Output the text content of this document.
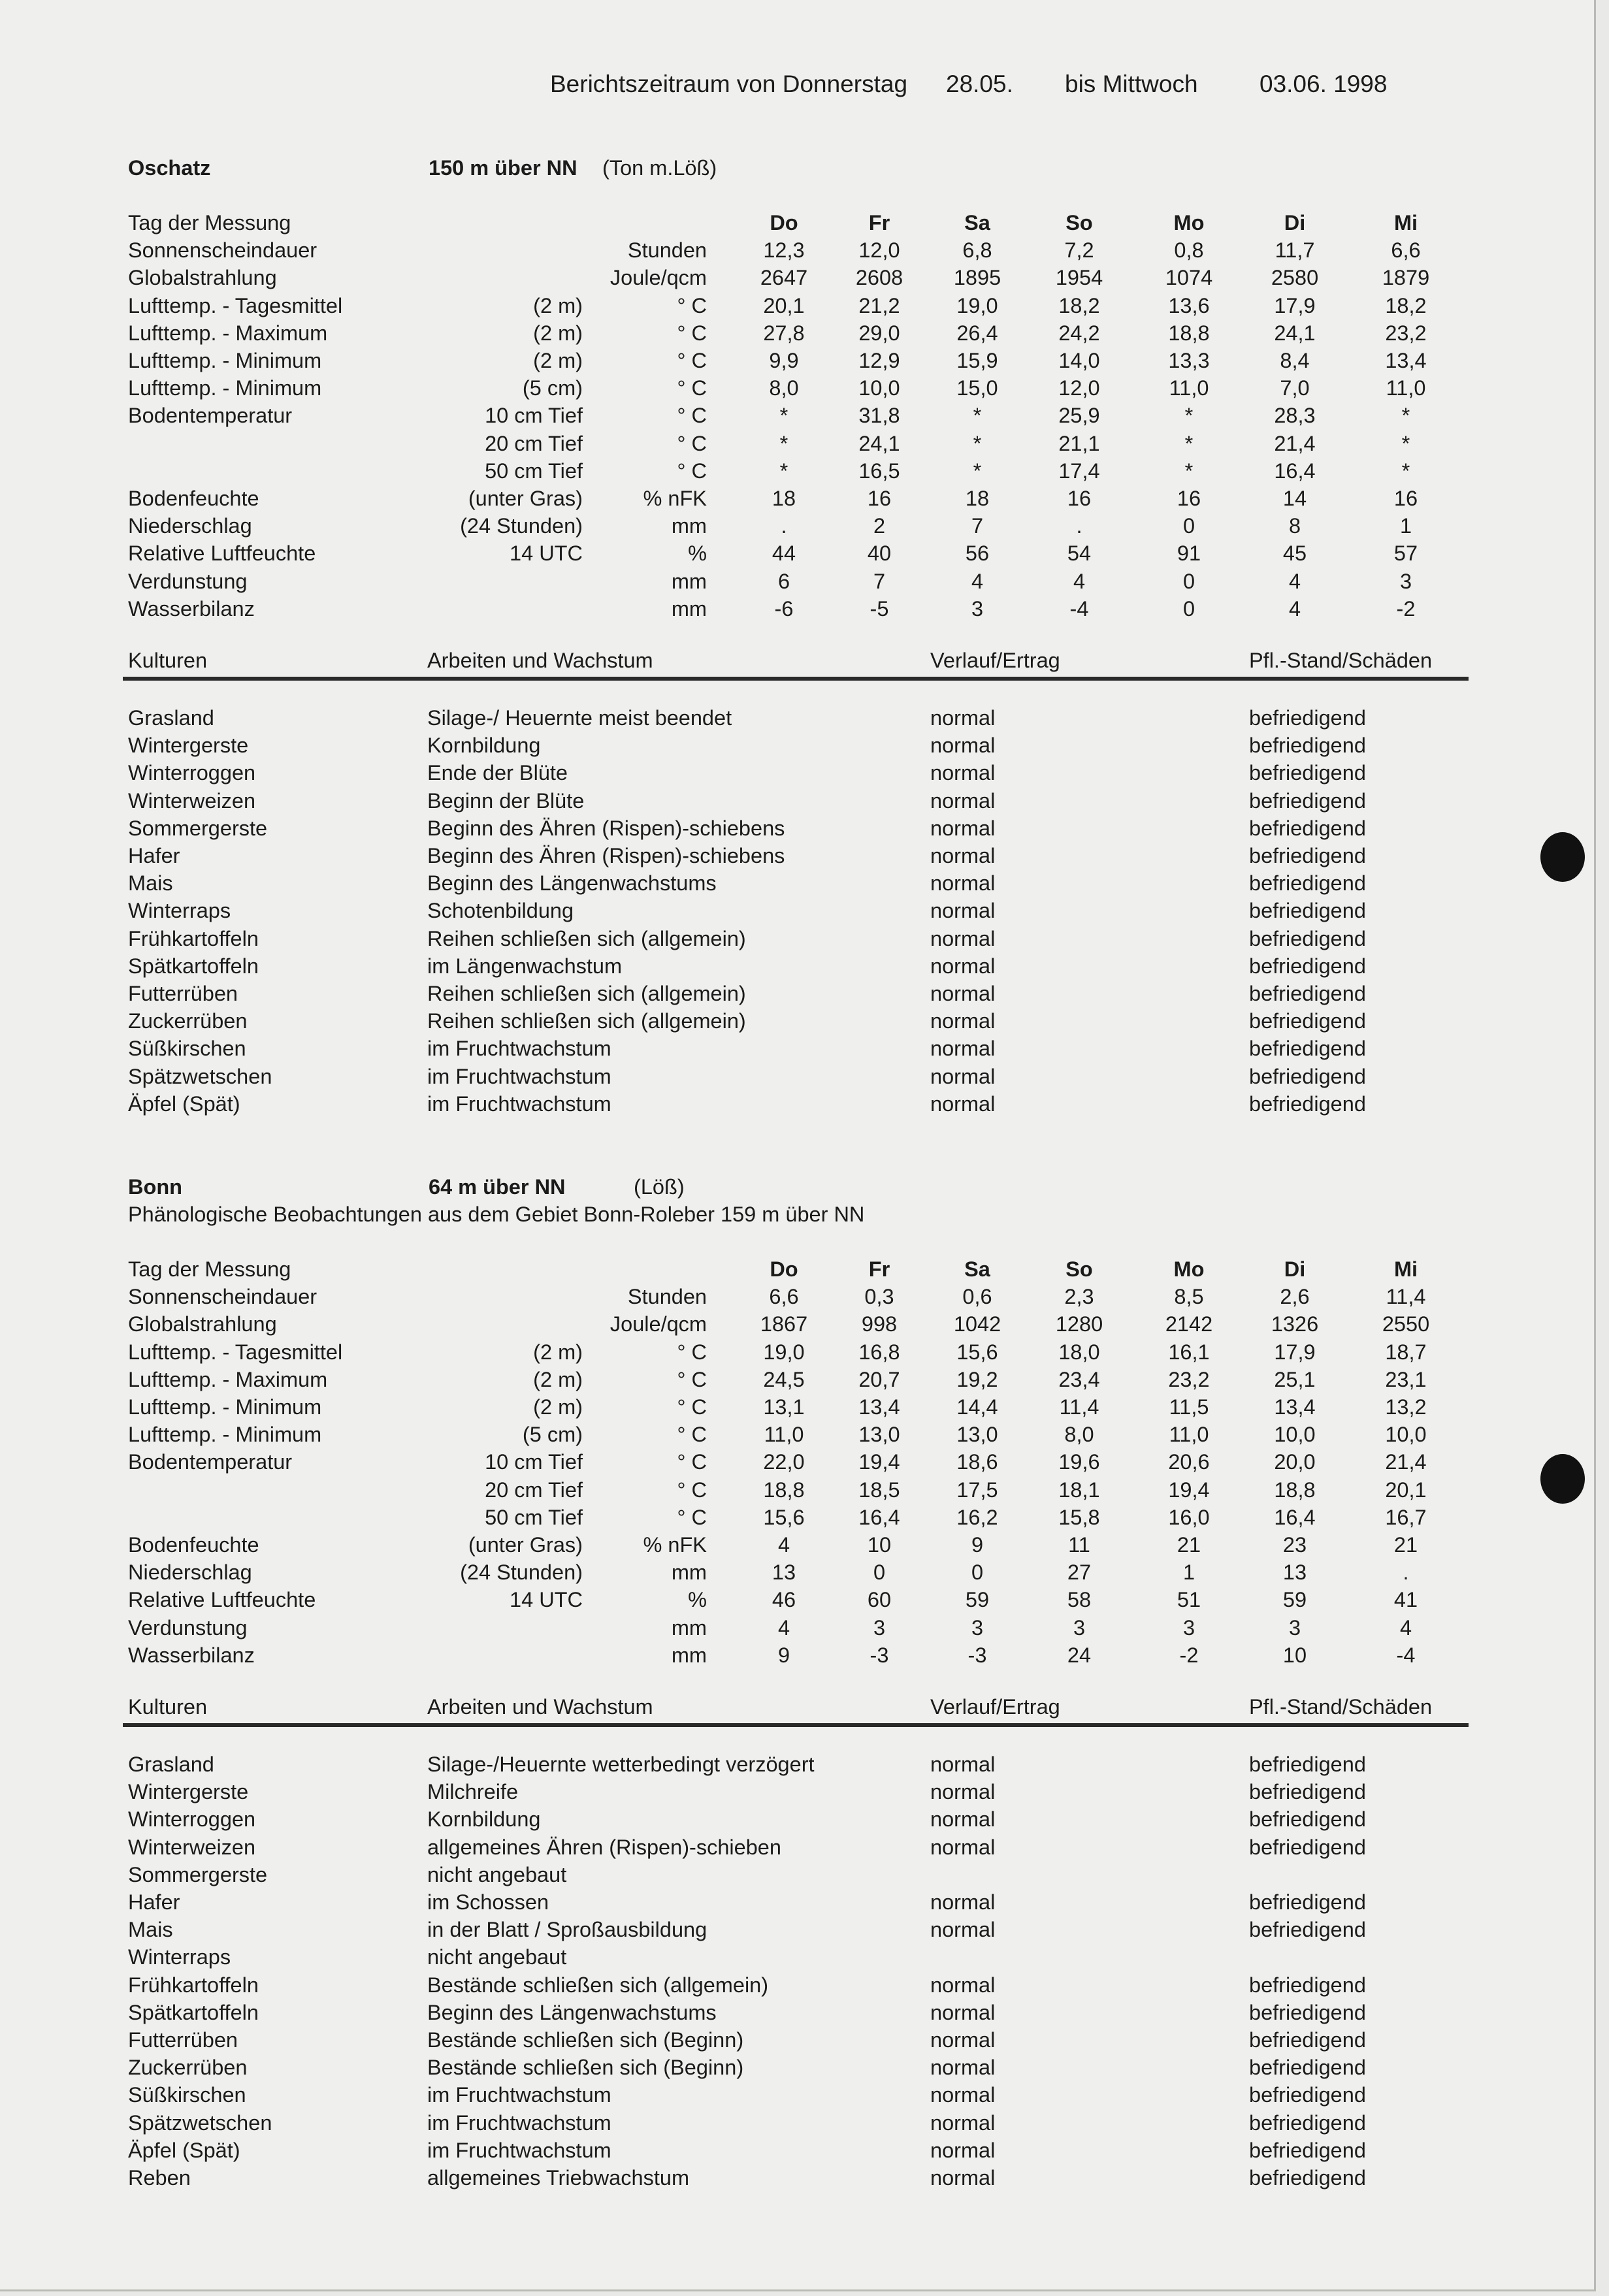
Berichtszeitraum von Donnerstag 28.05. bis Mittwoch	03.06. 1998
Oschatz	150 m über NN (Ton m.Löß)
Tag der Messung	Do	Fr	Sa	So	Mo	Di	Mi
Sonnenscheindauer	Stunden	12,3	12,0	6,8	7,2	0,8	11,7	6,6
Globalstrahlung	Joule/qcm	2647	2608	1895	1954	1074	2580	1879
Lufttemp. - Tagesmittel	(2 m)	° C	20,1	21,2	19,0	18,2	13,6	17,9	18,2
Lufttemp. - Maximum	(2 m)	° C	27,8	29,0	26,4	24,2	18,8	24,1	23,2
Lufttemp. - Minimum	(2 m)	° C	9,9	12,9	15,9	14,0	13,3	8,4	13,4
Lufttemp. - Minimum	(5 cm)	° C	8,0	10,0	15,0	12,0	11,0	7,0	11,0
Bodentemperatur	10 cm Tief	° C	*	31,8	*	25,9	*	28,3	*
20 cm Tief	° C	*	24,1	*	21,1	*	21,4	*
50 cm Tief	° C	*	16,5	*	17,4	*	16,4	*
Bodenfeuchte	(unter Gras)	% nFK	18	16	18	16	16	14	16
Niederschlag	(24 Stunden)	mm	.	2	7	.	0	8	1
Relative Luftfeuchte	14 UTC	%	44	40	56	54	91	45	57
Verdunstung	mm	6	7	4	4	0	4	3
Wasserbilanz	mm	-6	-5	3	-4	0	4	-2
Kulturen	Arbeiten und Wachstum	Verlauf/Ertrag	Pfl.-Stand/Schäden
Grasland	Silage-/ Heuernte meist beendet	normal	befriedigend
Wintergerste	Kornbildung	normal	befriedigend
Winterroggen	Ende der Blüte	normal	befriedigend
Winterweizen	Beginn der Blüte	normal	befriedigend
Sommergerste	Beginn des Ähren (Rispen)-schiebens	normal	befriedigend
Hafer	Beginn des Ähren (Rispen)-schiebens	normal	befriedigend
Mais	Beginn des Längenwachstums	normal	befriedigend
Winterraps	Schotenbildung	normal	befriedigend
Frühkartoffeln	Reihen schließen sich (allgemein)	normal	befriedigend
Spätkartoffeln	im Längenwachstum	normal	befriedigend
Futterrüben	Reihen schließen sich (allgemein)	normal	befriedigend
Zuckerrüben	Reihen schließen sich (allgemein)	normal	befriedigend
Süßkirschen	im Fruchtwachstum	normal	befriedigend
Spätzwetschen	im Fruchtwachstum	normal	befriedigend
Äpfel (Spät)	im Fruchtwachstum	normal	befriedigend
Bonn	64 m über NN	(Löß)
Phänologische Beobachtungen aus dem Gebiet Bonn-Roleber 159 m über NN
Tag der Messung	Do	Fr	Sa	So	Mo	Di	Mi
Sonnenscheindauer	Stunden	6,6	0,3	0,6	2,3	8,5	2,6	11,4
Globalstrahlung	Joule/qcm	1867	998	1042	1280	2142	1326	2550
Lufttemp. - Tagesmittel	(2 m)	° C	19,0	16,8	15,6	18,0	16,1	17,9	18,7
Lufttemp. - Maximum	(2 m)	° C	24,5	20,7	19,2	23,4	23,2	25,1	23,1
Lufttemp. - Minimum	(2 m)	° C	13,1	13,4	14,4	11,4	11,5	13,4	13,2
Lufttemp. - Minimum	(5 cm)	° C	11,0	13,0	13,0	8,0	11,0	10,0	10,0
Bodentemperatur	10 cm Tief	° C	22,0	19,4	18,6	19,6	20,6	20,0	21,4
20 cm Tief	° C	18,8	18,5	17,5	18,1	19,4	18,8	20,1
50 cm Tief	° C	15,6	16,4	16,2	15,8	16,0	16,4	16,7
Bodenfeuchte	(unter Gras)	% nFK	4	10	9	11	21	23	21
Niederschlag	(24 Stunden)	mm	13	0	0	27	1	13	.
Relative Luftfeuchte	14 UTC	%	46	60	59	58	51	59	41
Verdunstung	mm	4	3	3	3	3	3	4
Wasserbilanz	mm	9	-3	-3	24	-2	10	-4
Kulturen	Arbeiten und Wachstum	Verlauf/Ertrag	Pfl.-Stand/Schäden
Grasland	Silage-/Heuernte wetterbedingt verzögert	normal	befriedigend
Wintergerste	Milchreife	normal	befriedigend
Winterroggen	Kornbildung	normal	befriedigend
Winterweizen	allgemeines Ähren (Rispen)-schieben	normal	befriedigend
Sommergerste	nicht angebaut
Hafer	im Schossen	normal	befriedigend
Mais	in der Blatt / Sproßausbildung	normal	befriedigend
Winterraps	nicht angebaut
Frühkartoffeln	Bestände schließen sich (allgemein)	normal	befriedigend
Spätkartoffeln	Beginn des Längenwachstums	normal	befriedigend
Futterrüben	Bestände schließen sich (Beginn)	normal	befriedigend
Zuckerrüben	Bestände schließen sich (Beginn)	normal	befriedigend
Süßkirschen	im Fruchtwachstum	normal	befriedigend
Spätzwetschen	im Fruchtwachstum	normal	befriedigend
Äpfel (Spät)	im Fruchtwachstum	normal	befriedigend
Reben	allgemeines Triebwachstum	normal	befriedigend
